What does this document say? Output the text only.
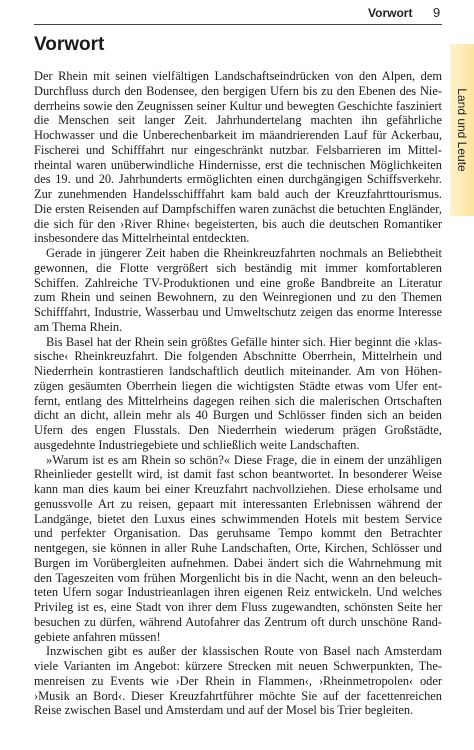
Vorwort 9
Land und Leute
Vorwort

Der Rhein mit seinen vielfältigen Landschaftseindrücken von den Alpen, dem Durchfluss durch den Bodensee, den bergigen Ufern bis zu den Ebenen des Niederrheins sowie den Zeugnissen seiner Kultur und bewegten Geschichte fasziniert die Menschen seit langer Zeit. Jahrhundertelang machten ihn gefährliche Hochwasser und die Unberechenbarkeit im mäandrierenden Lauf für Ackerbau, Fischerei und Schifffahrt nur eingeschränkt nutzbar. Felsbarrieren im Mittelrheintal waren unüberwindliche Hindernisse, erst die technischen Möglichkeiten des 19. und 20. Jahrhunderts ermöglichten einen durchgängigen Schiffsverkehr. Zur zunehmenden Handelsschifffahrt kam bald auch der Kreuzfahrttourismus. Die ersten Reisenden auf Dampfschiffen waren zunächst die betuchten Engländer, die sich für den ›River Rhine‹ begeisterten, bis auch die deutschen Romantiker insbesondere das Mittelrheintal entdeckten.

Gerade in jüngerer Zeit haben die Rheinkreuzfahrten nochmals an Beliebtheit gewonnen, die Flotte vergrößert sich beständig mit immer komfortableren Schiffen. Zahlreiche TV-Produktionen und eine große Bandbreite an Literatur zum Rhein und seinen Bewohnern, zu den Weinregionen und zu den Themen Schifffahrt, Industrie, Wasserbau und Umweltschutz zeigen das enorme Interesse am Thema Rhein.

Bis Basel hat der Rhein sein größtes Gefälle hinter sich. Hier beginnt die ›klassische‹ Rheinkreuzfahrt. Die folgenden Abschnitte Oberrhein, Mittelrhein und Niederrhein kontrastieren landschaftlich deutlich miteinander. Am von Höhenzügen gesäumten Oberrhein liegen die wichtigsten Städte etwas vom Ufer entfernt, entlang des Mittelrheins dagegen reihen sich die malerischen Ortschaften dicht an dicht, allein mehr als 40 Burgen und Schlösser finden sich an beiden Ufern des engen Flusstals. Den Niederrhein wiederum prägen Großstädte, ausgedehnte Industriegebiete und schließlich weite Landschaften.

»Warum ist es am Rhein so schön?« Diese Frage, die in einem der unzähligen Rheinlieder gestellt wird, ist damit fast schon beantwortet. In besonderer Weise kann man dies kaum bei einer Kreuzfahrt nachvollziehen. Diese erholsame und genussvolle Art zu reisen, gepaart mit interessanten Erlebnissen während der Landgänge, bietet den Luxus eines schwimmenden Hotels mit bestem Service und perfekter Organisation. Das geruhsame Tempo kommt den Betrachter nentgegen, sie können in aller Ruhe Landschaften, Orte, Kirchen, Schlösser und Burgen im Vorübergleiten aufnehmen. Dabei ändert sich die Wahrnehmung mit den Tageszeiten vom frühen Morgenlicht bis in die Nacht, wenn an den beleuchteten Ufern sogar Industrieanlagen ihren eigenen Reiz entwickeln. Und welches Privileg ist es, eine Stadt von ihrer dem Fluss zugewandten, schönsten Seite her besuchen zu dürfen, während Autofahrer das Zentrum oft durch unschöne Randgebiete anfahren müssen!

Inzwischen gibt es außer der klassischen Route von Basel nach Amsterdam viele Varianten im Angebot: kürzere Strecken mit neuen Schwerpunkten, Themenreisen zu Events wie ›Der Rhein in Flammen‹, ›Rheinmetropolen‹ oder ›Musik an Bord‹. Dieser Kreuzfahrtführer möchte Sie auf der facettenreichen Reise zwischen Basel und Amsterdam und auf der Mosel bis Trier begleiten.
